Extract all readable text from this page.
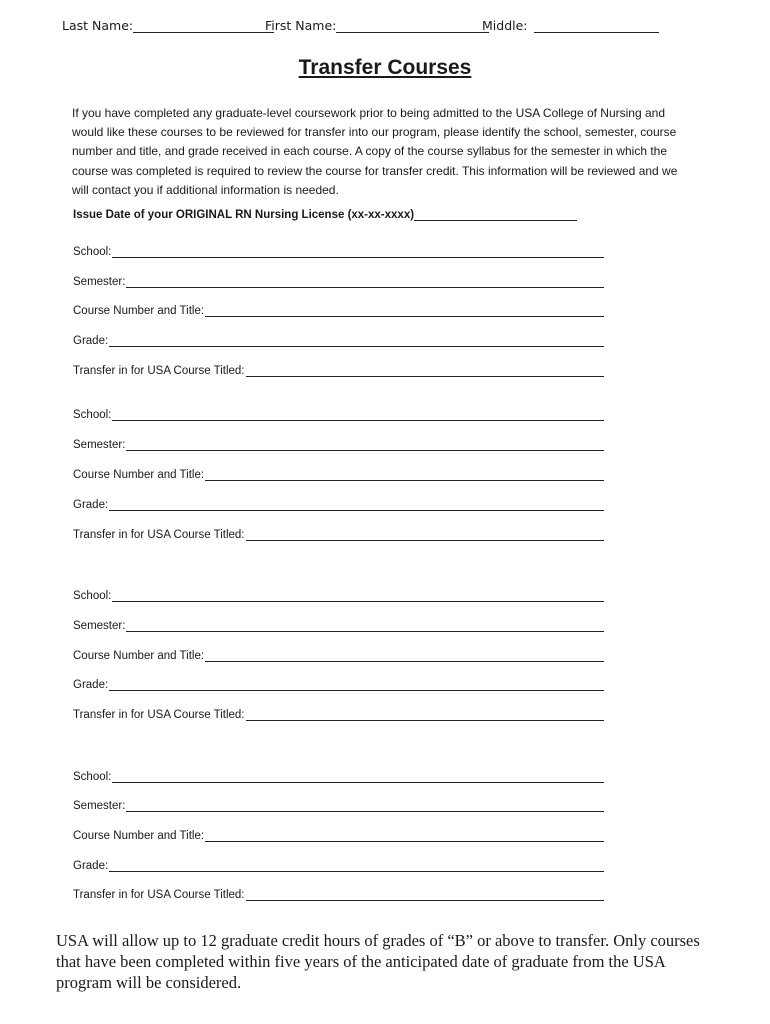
Last Name:	First Name:	Middle:
Transfer Courses
If you have completed any graduate-level coursework prior to being admitted to the USA College of Nursing and would like these courses to be reviewed for transfer into our program, please identify the school, semester, course number and title, and grade received in each course. A copy of the course syllabus for the semester in which the course was completed is required to review the course for transfer credit. This information will be reviewed and we will contact you if additional information is needed.
Issue Date of your ORIGINAL RN Nursing License (xx-xx-xxxx)
School:
Semester:
Course Number and Title:
Grade:
Transfer in for USA Course Titled:
School:
Semester:
Course Number and Title:
Grade:
Transfer in for USA Course Titled:
School:
Semester:
Course Number and Title:
Grade:
Transfer in for USA Course Titled:
School:
Semester:
Course Number and Title:
Grade:
Transfer in for USA Course Titled:
USA will allow up to 12 graduate credit hours of grades of “B” or above to transfer. Only courses that have been completed within five years of the anticipated date of graduate from the USA program will be considered.
